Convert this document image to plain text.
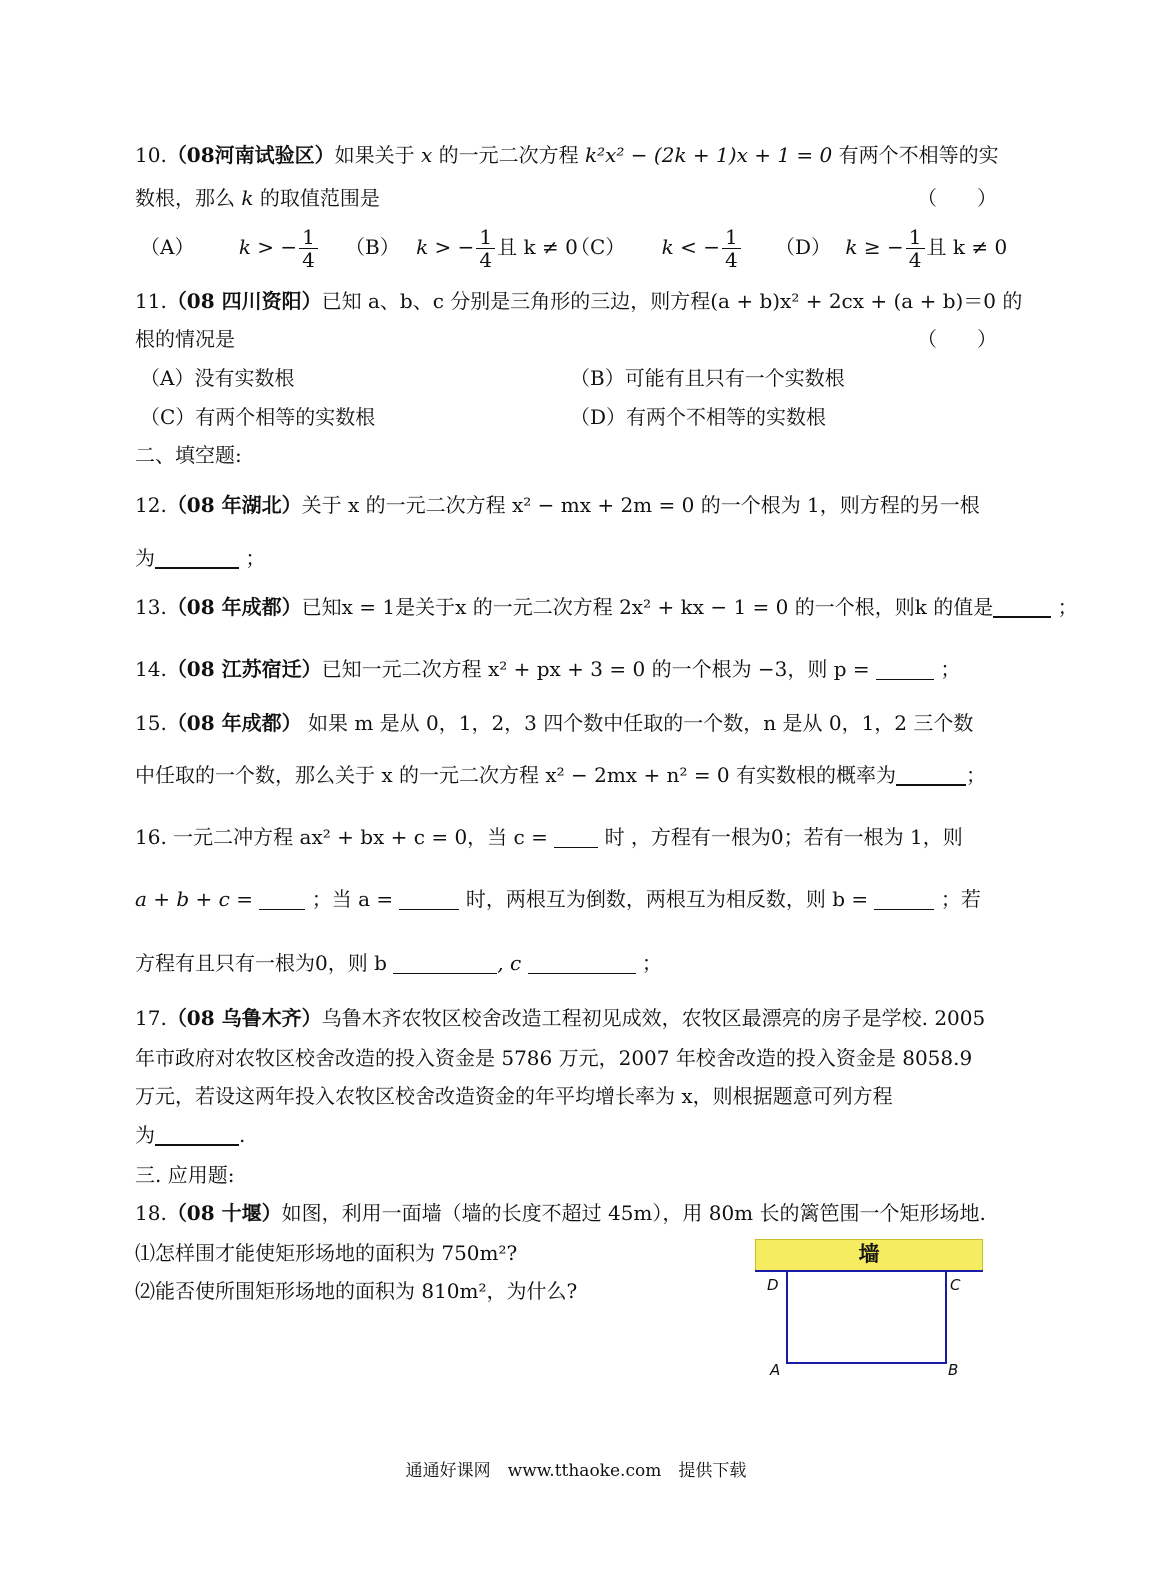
10.（08河南试验区）如果关于 x 的一元二次方程 k²x² − (2k + 1)x + 1 = 0 有两个不相等的实
数根，那么 k 的取值范围是	（　　）
（A） k > − $\frac{1}{4} (B) k$ > − $\frac{1}{4}$ 且 k ≠ 0
（C） k < − $\frac{1}{4} (D) k$ ≥ − $\frac{1}{4}$ 且 k ≠ 0
11.（08 四川资阳）已知 a、b、c 分别是三角形的三边，则方程(a + b)x² + 2cx + (a + b)＝0 的
根的情况是	（　　）
（A）没有实数根	（B）可能有且只有一个实数根
（C）有两个相等的实数根	（D）有两个不相等的实数根
二、填空题:
12.（08 年湖北）关于 x 的一元二次方程 x² − mx + 2m = 0 的一个根为 1，则方程的另一根
为	；
13.（08 年成都）已知x = 1是关于x 的一元二次方程 2x² + kx − 1 = 0 的一个根，则k 的值是	；
14.（08 江苏宿迁）已知一元二次方程 x² + px + 3 = 0 的一个根为 −3，则 p =	；
15.（08 年成都） 如果 m 是从 0，1，2，3 四个数中任取的一个数，n 是从 0，1，2 三个数
中任取的一个数，那么关于 x 的一元二次方程 x² − 2mx + n² = 0 有实数根的概率为	；
16. 一元二冲方程 ax² + bx + c = 0，当 c =	时 ，方程有一根为0；若有一根为 1，则
a + b + c =	；当 a =	时，两根互为倒数，两根互为相反数，则 b =	；若
方程有且只有一根为0，则 b	, c	；
17.（08 乌鲁木齐）乌鲁木齐农牧区校舍改造工程初见成效，农牧区最漂亮的房子是学校. 2005
年市政府对农牧区校舍改造的投入资金是 5786 万元，2007 年校舍改造的投入资金是 8058.9
万元，若设这两年投入农牧区校舍改造资金的年平均增长率为 x，则根据题意可列方程
为	.
三. 应用题:
18.（08 十堰）如图，利用一面墙（墙的长度不超过 45m），用 80m 长的篱笆围一个矩形场地.
⑴怎样围才能使矩形场地的面积为 750m²?
⑵能否使所围矩形场地的面积为 810m²，为什么?
墙
D	C
A	B
通通好课网　www.tthaoke.com　提供下载
